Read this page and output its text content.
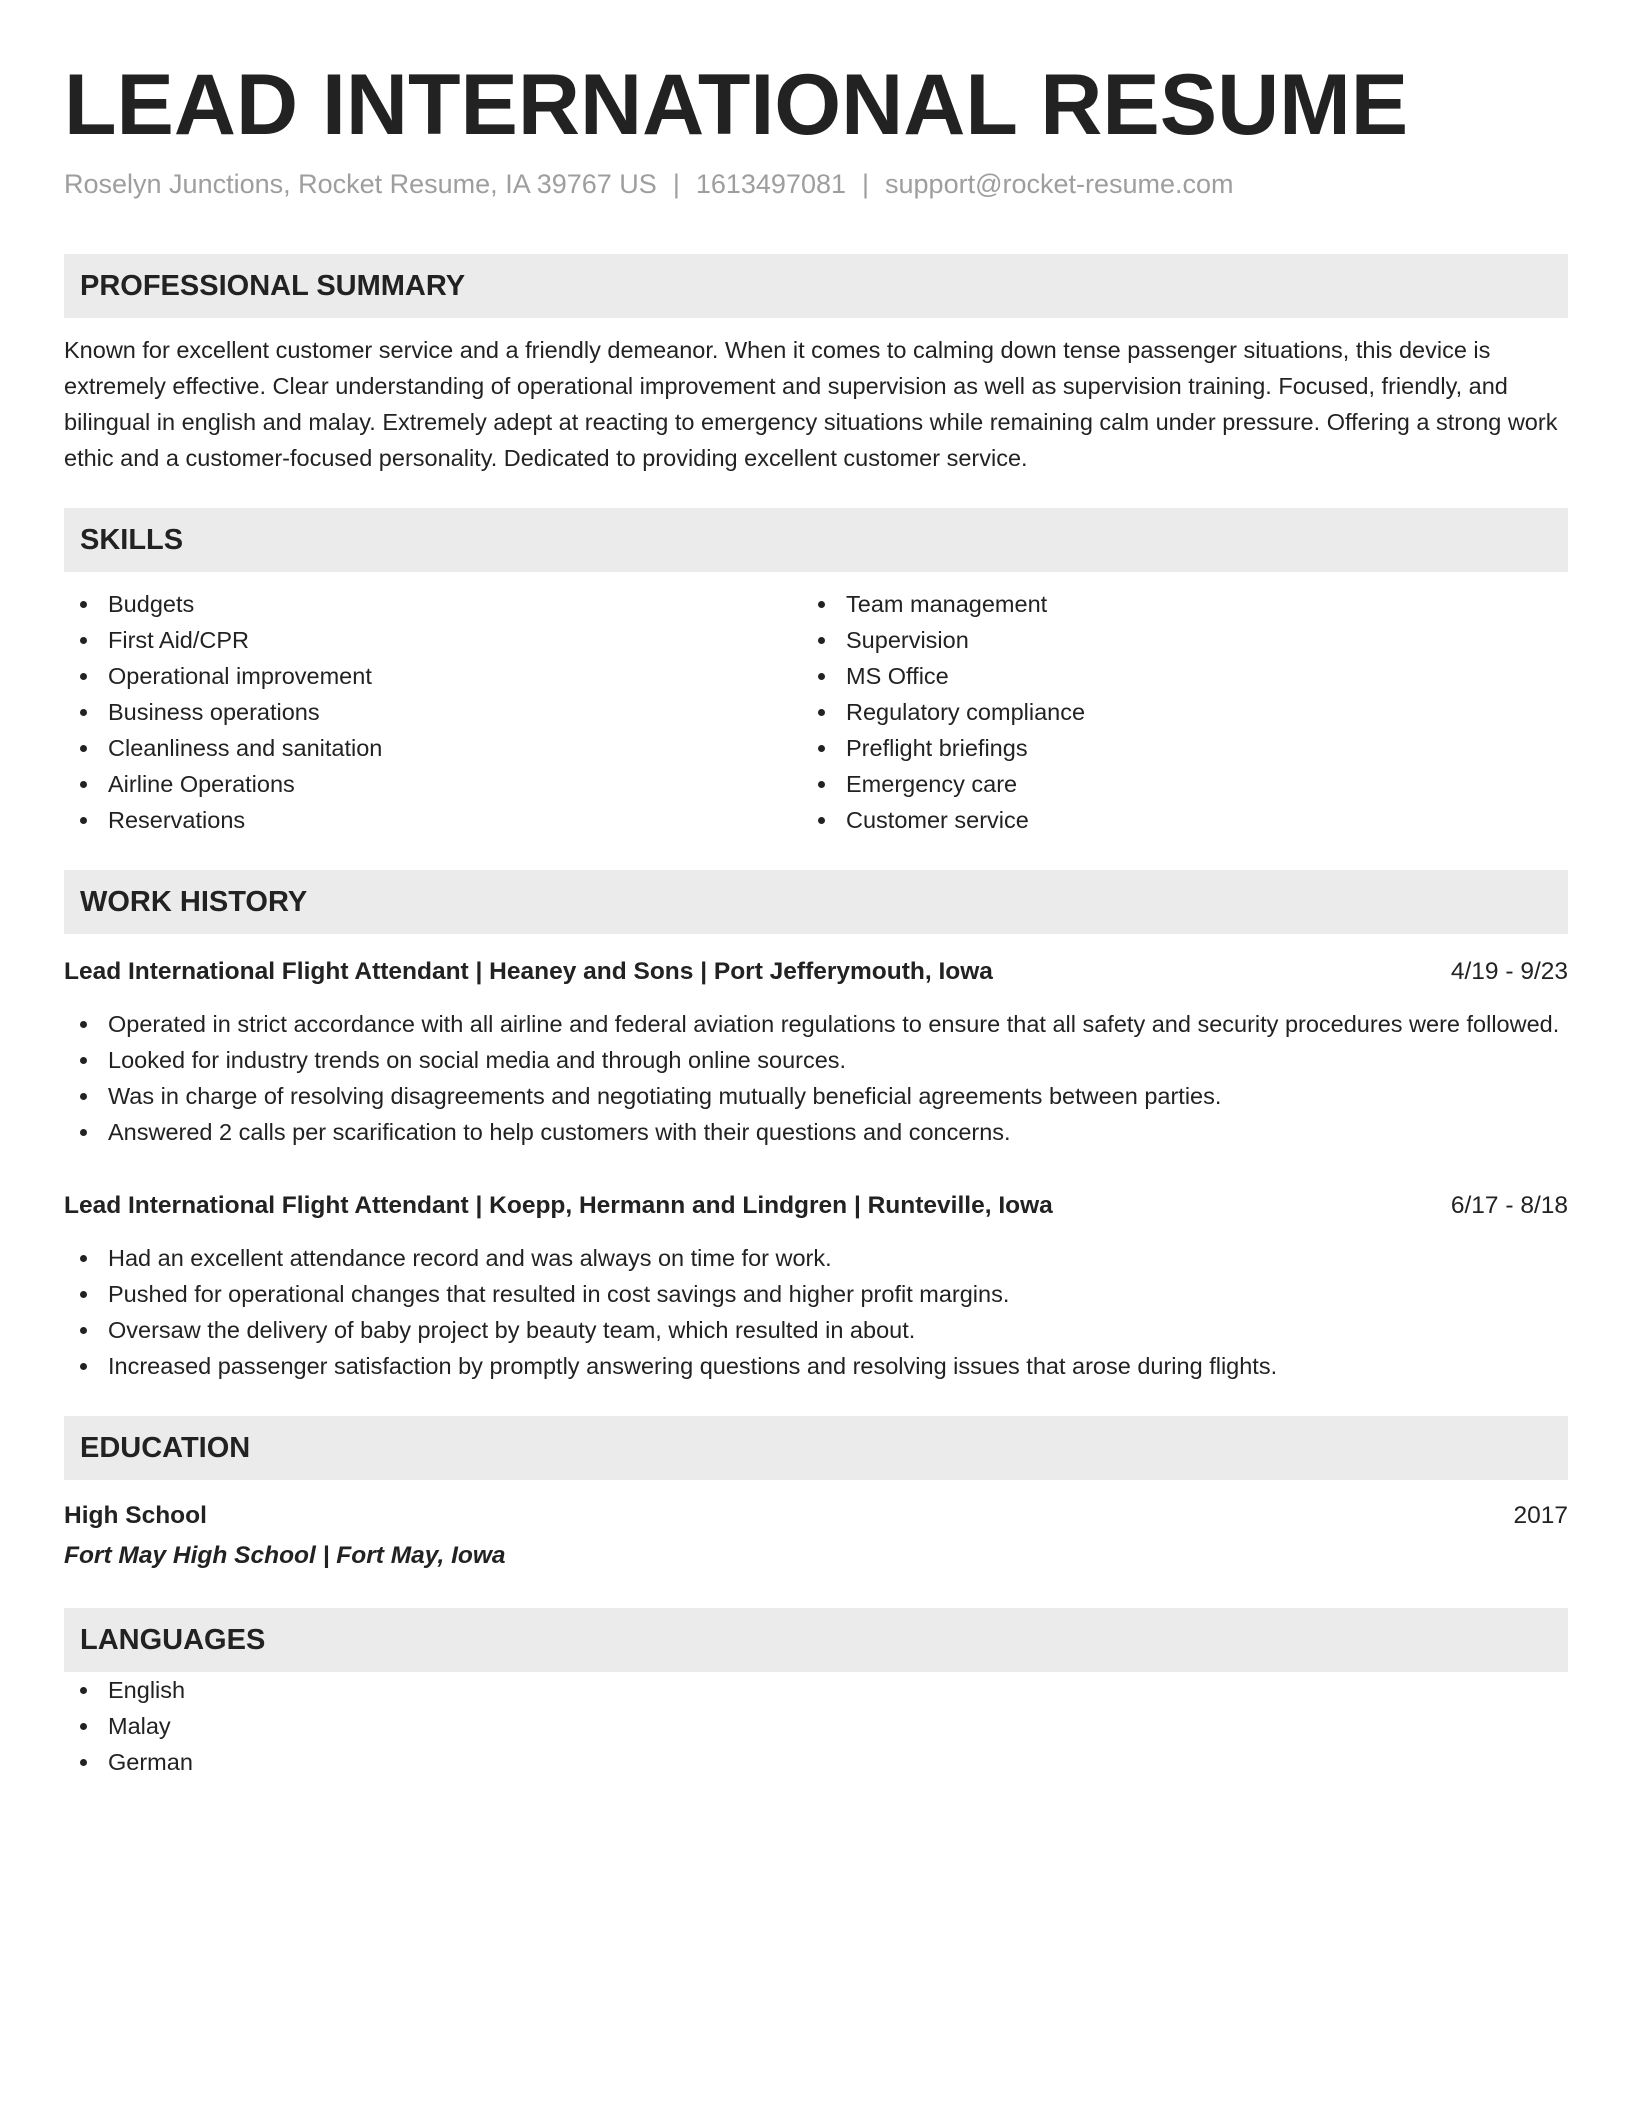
LEAD INTERNATIONAL RESUME
Roselyn Junctions, Rocket Resume, IA 39767 US | 1613497081 | support@rocket-resume.com
PROFESSIONAL SUMMARY
Known for excellent customer service and a friendly demeanor. When it comes to calming down tense passenger situations, this device is extremely effective. Clear understanding of operational improvement and supervision as well as supervision training. Focused, friendly, and bilingual in english and malay. Extremely adept at reacting to emergency situations while remaining calm under pressure. Offering a strong work ethic and a customer-focused personality. Dedicated to providing excellent customer service.
SKILLS
Budgets
First Aid/CPR
Operational improvement
Business operations
Cleanliness and sanitation
Airline Operations
Reservations
Team management
Supervision
MS Office
Regulatory compliance
Preflight briefings
Emergency care
Customer service
WORK HISTORY
Lead International Flight Attendant | Heaney and Sons | Port Jefferymouth, Iowa	4/19 - 9/23
Operated in strict accordance with all airline and federal aviation regulations to ensure that all safety and security procedures were followed.
Looked for industry trends on social media and through online sources.
Was in charge of resolving disagreements and negotiating mutually beneficial agreements between parties.
Answered 2 calls per scarification to help customers with their questions and concerns.
Lead International Flight Attendant | Koepp, Hermann and Lindgren | Runteville, Iowa	6/17 - 8/18
Had an excellent attendance record and was always on time for work.
Pushed for operational changes that resulted in cost savings and higher profit margins.
Oversaw the delivery of baby project by beauty team, which resulted in about.
Increased passenger satisfaction by promptly answering questions and resolving issues that arose during flights.
EDUCATION
High School	2017
Fort May High School | Fort May, Iowa
LANGUAGES
English
Malay
German
